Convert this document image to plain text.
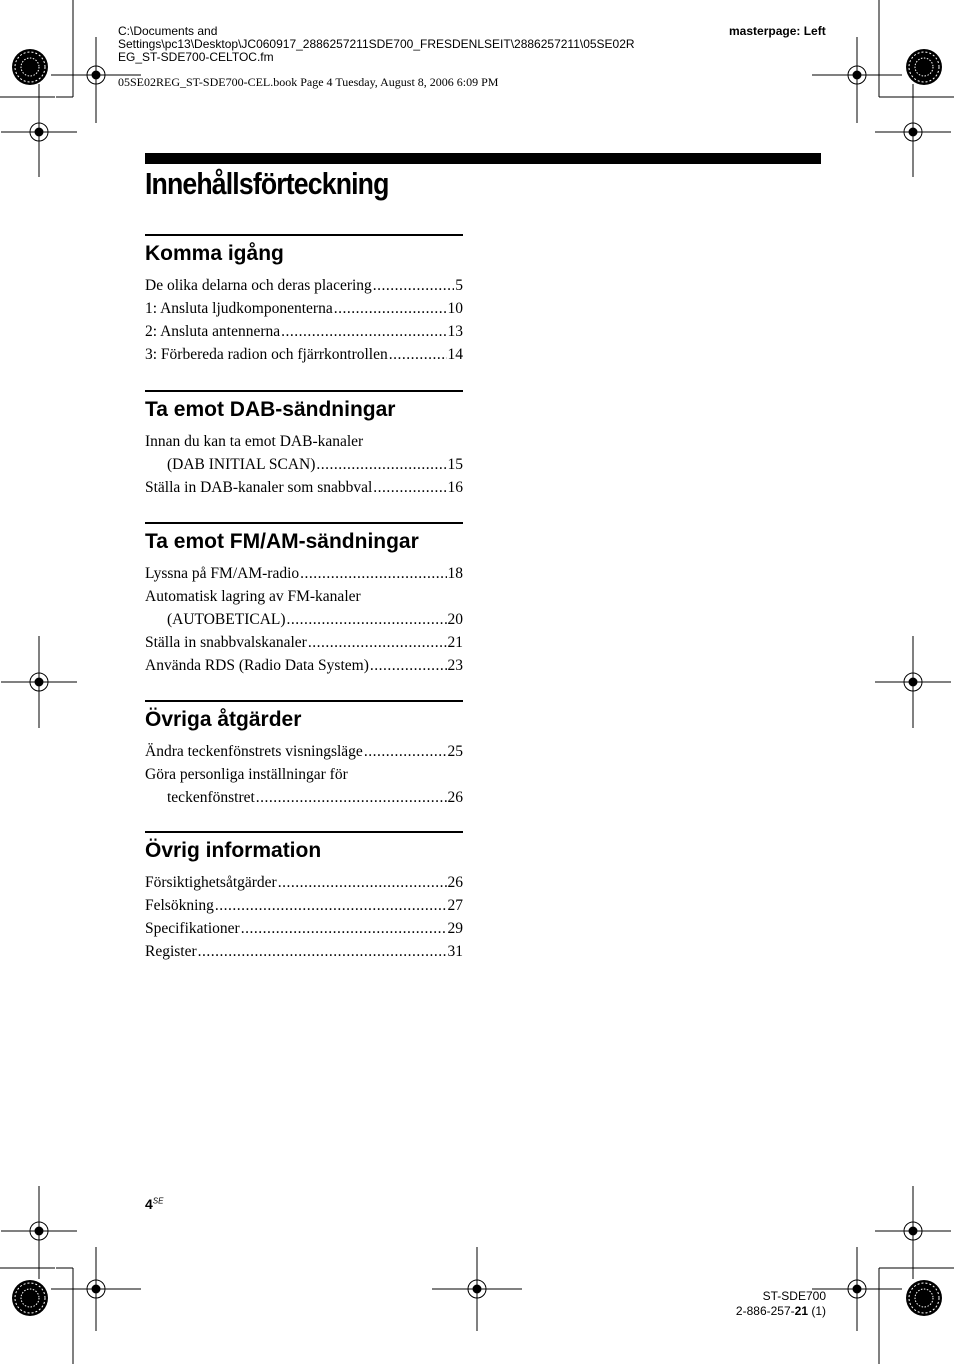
C:\Documents and
Settings\pc13\Desktop\JC060917_2886257211SDE700_FRESDENLSEIT\2886257211\05SE02R
EG_ST-SDE700-CELTOC.fm
masterpage: Left
05SE02REG_ST-SDE700-CEL.book Page 4 Tuesday, August 8, 2006 6:09 PM
Innehållsförteckning
Komma igång
De olika delarna och deras placering .....	5
1: Ansluta ljudkomponenterna .....	10
2: Ansluta antennerna .....	13
3: Förbereda radion och fjärrkontrollen .....	14
Ta emot DAB-sändningar
Innan du kan ta emot DAB-kanaler
(DAB INITIAL SCAN) .....	15
Ställa in DAB-kanaler som snabbval .....	16
Ta emot FM/AM-sändningar
Lyssna på FM/AM-radio .....	18
Automatisk lagring av FM-kanaler
(AUTOBETICAL) .....	20
Ställa in snabbvalskanaler .....	21
Använda RDS (Radio Data System) .....	23
Övriga åtgärder
Ändra teckenfönstrets visningsläge .....	25
Göra personliga inställningar för
teckenfönstret .....	26
Övrig information
Försiktighetsåtgärder .....	26
Felsökning .....	27
Specifikationer .....	29
Register .....	31
$4^{SE}$
ST-SDE700
2-886-257-21 (1)
